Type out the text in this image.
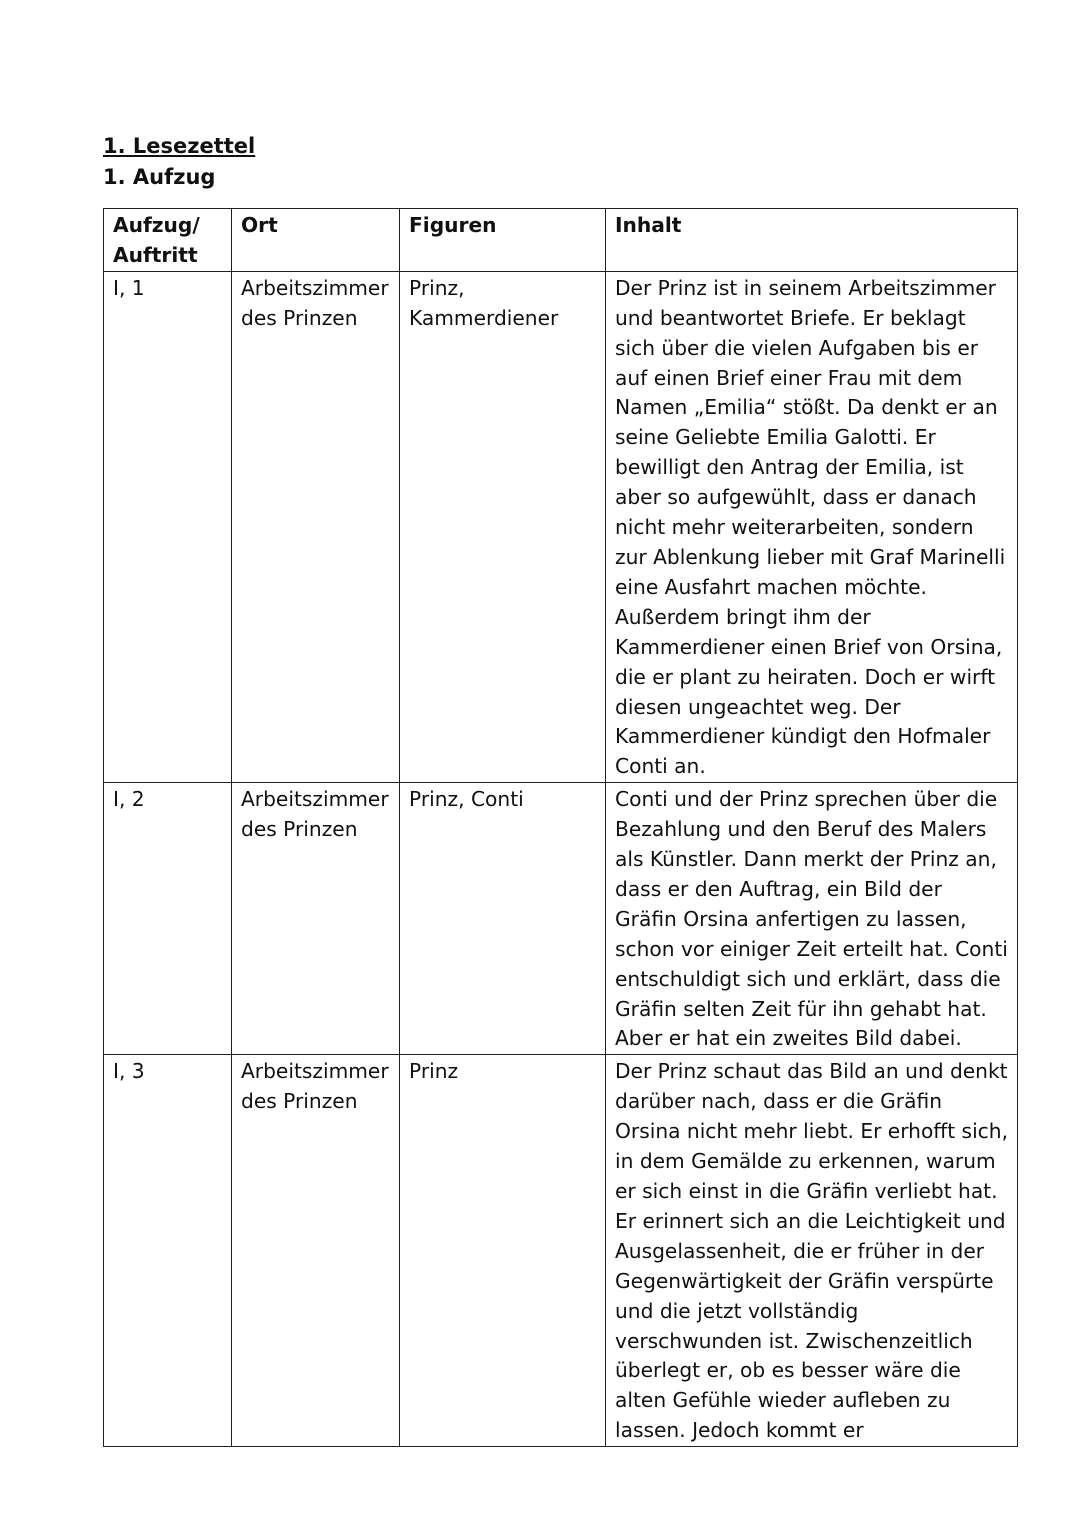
1. Lesezettel
1. Aufzug
Aufzug/ Auftritt	Ort	Figuren	Inhalt
I, 1	Arbeitszimmer des Prinzen	Prinz, Kammerdiener	Der Prinz ist in seinem Arbeitszimmer und beantwortet Briefe. Er beklagt sich über die vielen Aufgaben bis er auf einen Brief einer Frau mit dem Namen „Emilia“ stößt. Da denkt er an seine Geliebte Emilia Galotti. Er bewilligt den Antrag der Emilia, ist aber so aufgewühlt, dass er danach nicht mehr weiterarbeiten, sondern zur Ablenkung lieber mit Graf Marinelli eine Ausfahrt machen möchte. Außerdem bringt ihm der Kammerdiener einen Brief von Orsina, die er plant zu heiraten. Doch er wirft diesen ungeachtet weg. Der Kammerdiener kündigt den Hofmaler Conti an.
I, 2	Arbeitszimmer des Prinzen	Prinz, Conti	Conti und der Prinz sprechen über die Bezahlung und den Beruf des Malers als Künstler. Dann merkt der Prinz an, dass er den Auftrag, ein Bild der Gräfin Orsina anfertigen zu lassen, schon vor einiger Zeit erteilt hat. Conti entschuldigt sich und erklärt, dass die Gräfin selten Zeit für ihn gehabt hat. Aber er hat ein zweites Bild dabei.
I, 3	Arbeitszimmer des Prinzen	Prinz	Der Prinz schaut das Bild an und denkt darüber nach, dass er die Gräfin Orsina nicht mehr liebt. Er erhofft sich, in dem Gemälde zu erkennen, warum er sich einst in die Gräfin verliebt hat. Er erinnert sich an die Leichtigkeit und Ausgelassenheit, die er früher in der Gegenwärtigkeit der Gräfin verspürte und die jetzt vollständig verschwunden ist. Zwischenzeitlich überlegt er, ob es besser wäre die alten Gefühle wieder aufleben zu lassen. Jedoch kommt er
